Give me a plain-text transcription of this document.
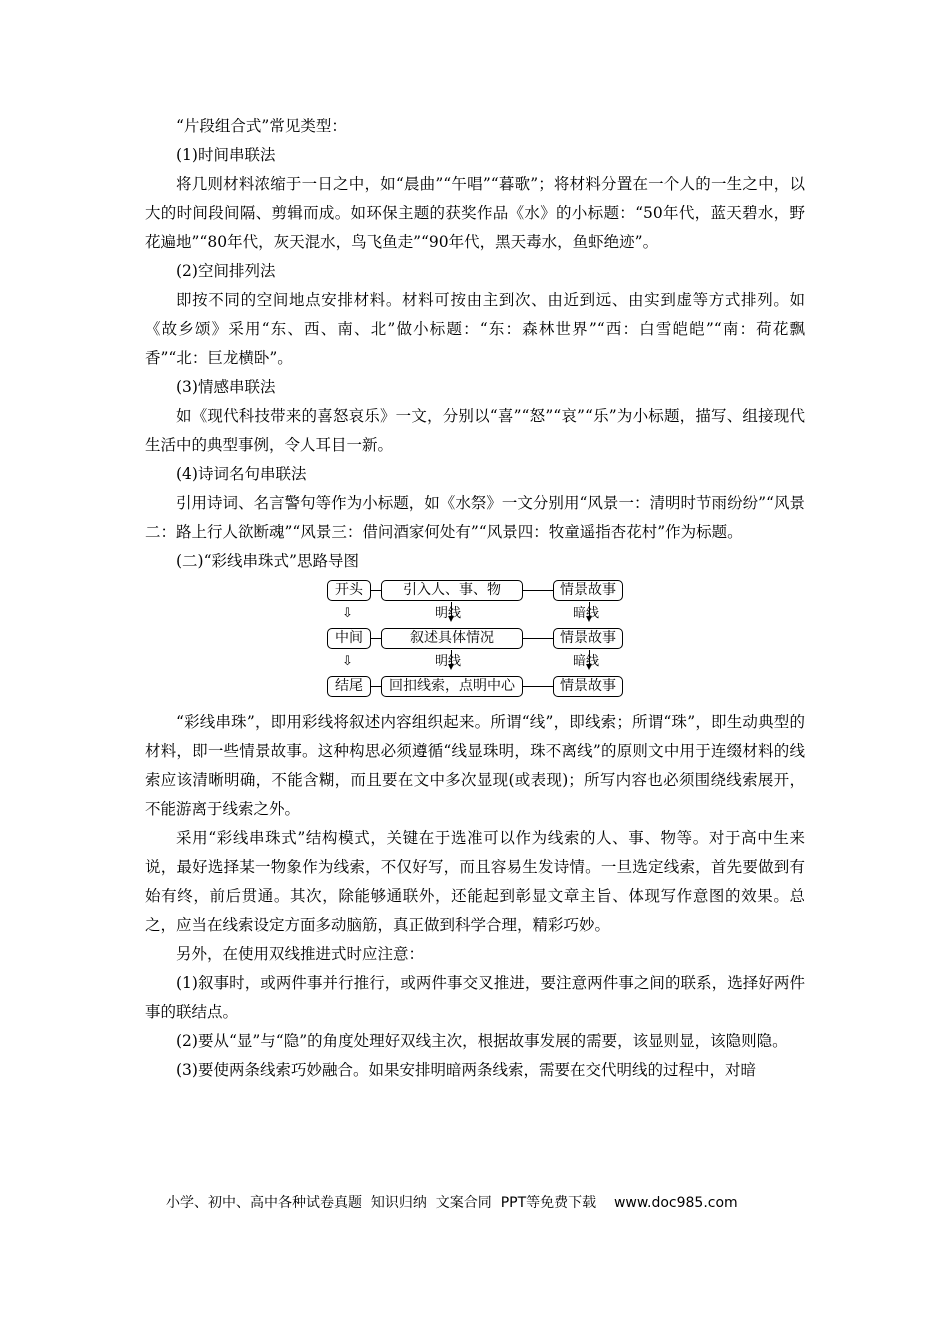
“片段组合式”常见类型：

(1)时间串联法

将几则材料浓缩于一日之中，如“晨曲”“午唱”“暮歌”；将材料分置在一个人的一生之中，以大的时间段间隔、剪辑而成。如环保主题的获奖作品《水》的小标题：“50年代，蓝天碧水，野花遍地”“80年代，灰天混水，鸟飞鱼走”“90年代，黑天毒水，鱼虾绝迹”。

(2)空间排列法

即按不同的空间地点安排材料。材料可按由主到次、由近到远、由实到虚等方式排列。如《故乡颂》采用“东、西、南、北”做小标题：“东：森林世界”“西：白雪皑皑”“南：荷花飘香”“北：巨龙横卧”。

(3)情感串联法

如《现代科技带来的喜怒哀乐》一文，分别以“喜”“怒”“哀”“乐”为小标题，描写、组接现代生活中的典型事例，令人耳目一新。

(4)诗词名句串联法

引用诗词、名言警句等作为小标题，如《水祭》一文分别用“风景一：清明时节雨纷纷”“风景二：路上行人欲断魂”“风景三：借问酒家何处有”“风景四：牧童遥指杏花村”作为标题。

(二)“彩线串珠式”思路导图

开头	引入人、事、物	情景故事
⇩	明线	暗线
中间	叙述具体情况	情景故事
⇩	明线	暗线
结尾	回扣线索，点明中心	情景故事

“彩线串珠”，即用彩线将叙述内容组织起来。所谓“线”，即线索；所谓“珠”，即生动典型的材料，即一些情景故事。这种构思必须遵循“线显珠明，珠不离线”的原则文中用于连缀材料的线索应该清晰明确，不能含糊，而且要在文中多次显现(或表现)；所写内容也必须围绕线索展开，不能游离于线索之外。

采用“彩线串珠式”结构模式，关键在于选准可以作为线索的人、事、物等。对于高中生来说，最好选择某一物象作为线索，不仅好写，而且容易生发诗情。一旦选定线索，首先要做到有始有终，前后贯通。其次，除能够通联外，还能起到彰显文章主旨、体现写作意图的效果。总之，应当在线索设定方面多动脑筋，真正做到科学合理，精彩巧妙。

另外，在使用双线推进式时应注意：

(1)叙事时，或两件事并行推行，或两件事交叉推进，要注意两件事之间的联系，选择好两件事的联结点。

(2)要从“显”与“隐”的角度处理好双线主次，根据故事发展的需要，该显则显，该隐则隐。

(3)要使两条线索巧妙融合。如果安排明暗两条线索，需要在交代明线的过程中，对暗

小学、初中、高中各种试卷真题  知识归纳  文案合同  PPT等免费下载 www.doc985.com
